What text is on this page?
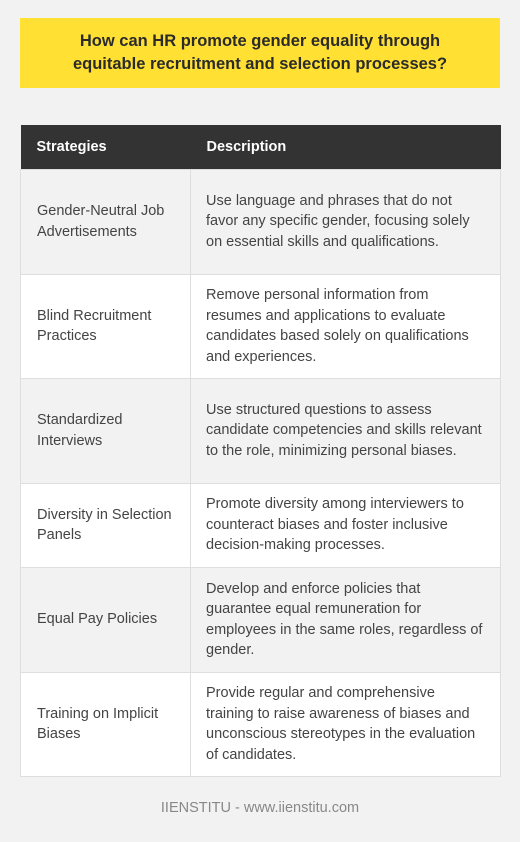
How can HR promote gender equality through equitable recruitment and selection processes?
Strategies	Description
Gender-Neutral Job Advertisements	Use language and phrases that do not favor any specific gender, focusing solely on essential skills and qualifications.
Blind Recruitment Practices	Remove personal information from resumes and applications to evaluate candidates based solely on qualifications and experiences.
Standardized Interviews	Use structured questions to assess candidate competencies and skills relevant to the role, minimizing personal biases.
Diversity in Selection Panels	Promote diversity among interviewers to counteract biases and foster inclusive decision-making processes.
Equal Pay Policies	Develop and enforce policies that guarantee equal remuneration for employees in the same roles, regardless of gender.
Training on Implicit Biases	Provide regular and comprehensive training to raise awareness of biases and unconscious stereotypes in the evaluation of candidates.
IIENSTITU - www.iienstitu.com
